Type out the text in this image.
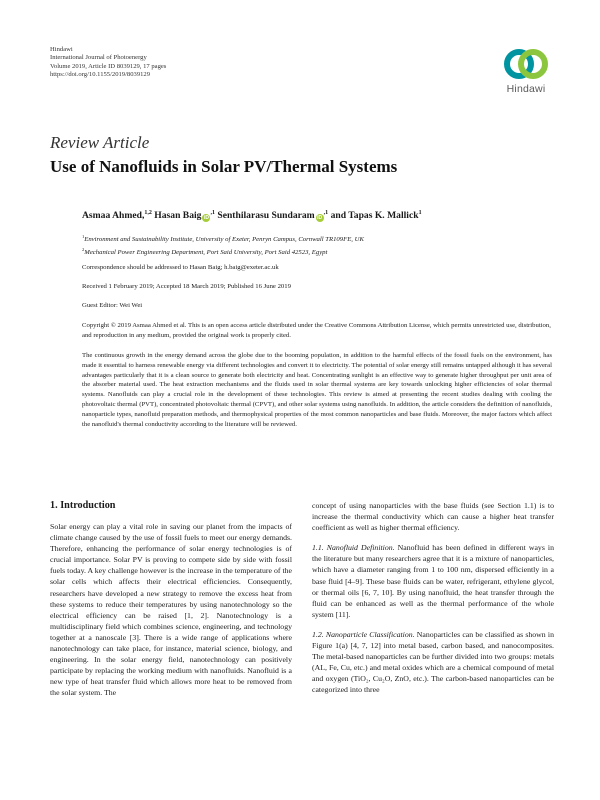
Hindawi
International Journal of Photoenergy
Volume 2019, Article ID 8039129, 17 pages
https://doi.org/10.1155/2019/8039129
Hindawi
Review Article
Use of Nanofluids in Solar PV/Thermal Systems
Asmaa Ahmed,$^{1,2}$ Hasan Baig $iD^{,1}$ Senthilarasu Sundaram $iD^{,1}$ and Tapas K. Mallick$^1$
$^1$Environment and Sustainability Institute, University of Exeter, Penryn Campus, Cornwall TR109FE, UK
$^2$Mechanical Power Engineering Department, Port Said University, Port Said 42523, Egypt
Correspondence should be addressed to Hasan Baig; h.baig@exeter.ac.uk
Received 1 February 2019; Accepted 18 March 2019; Published 16 June 2019
Guest Editor: Wei Wei

Copyright © 2019 Asmaa Ahmed et al. This is an open access article distributed under the Creative Commons Attribution License, which permits unrestricted use, distribution, and reproduction in any medium, provided the original work is properly cited.

The continuous growth in the energy demand across the globe due to the booming population, in addition to the harmful effects of the fossil fuels on the environment, has made it essential to harness renewable energy via different technologies and convert it to electricity. The potential of solar energy still remains untapped although it has several advantages particularly that it is a clean source to generate both electricity and heat. Concentrating sunlight is an effective way to generate higher throughput per unit area of the absorber material used. The heat extraction mechanisms and the fluids used in solar thermal systems are key towards unlocking higher efficiencies of solar thermal systems. Nanofluids can play a crucial role in the development of these technologies. This review is aimed at presenting the recent studies dealing with cooling the photovoltaic thermal (PVT), concentrated photovoltaic thermal (CPVT), and other solar systems using nanofluids. In addition, the article considers the definition of nanofluids, nanoparticle types, nanofluid preparation methods, and thermophysical properties of the most common nanoparticles and base fluids. Moreover, the major factors which affect the nanofluid's thermal conductivity according to the literature will be reviewed.

1. Introduction

Solar energy can play a vital role in saving our planet from the impacts of climate change caused by the use of fossil fuels to meet our energy demands. Therefore, enhancing the performance of solar energy technologies is of crucial importance. Solar PV is proving to compete side by side with fossil fuels today. A key challenge however is the increase in the temperature of the solar cells which affects their electrical efficiencies. Consequently, researchers have developed a new strategy to remove the excess heat from these systems to reduce their temperatures by using nanotechnology so the electrical efficiency can be raised [1, 2]. Nanotechnology is a multidisciplinary field which combines science, engineering, and technology together at a nanoscale [3]. There is a wide range of applications where nanotechnology can take place, for instance, material science, biology, and engineering. In the solar energy field, nanotechnology can positively participate by replacing the working medium with nanofluids. Nanofluid is a new type of heat transfer fluid which allows more heat to be removed from the solar system. The

concept of using nanoparticles with the base fluids (see Section 1.1) is to increase the thermal conductivity which can cause a higher heat transfer coefficient as well as higher thermal efficiency.

1.1. Nanofluid Definition. Nanofluid has been defined in different ways in the literature but many researchers agree that it is a mixture of nanoparticles, which have a diameter ranging from 1 to 100 nm, dispersed efficiently in a base fluid [4–9]. These base fluids can be water, refrigerant, ethylene glycol, or thermal oils [6, 7, 10]. By using nanofluid, the heat transfer through the fluid can be enhanced as well as the thermal performance of the whole system [11].

1.2. Nanoparticle Classification. Nanoparticles can be classified as shown in Figure 1(a) [4, 7, 12] into metal based, carbon based, and nanocomposites. The metal-based nanoparticles can be further divided into two groups: metals (AL, Fe, Cu, etc.) and metal oxides which are a chemical compound of metal and oxygen (TiO₂, Cu₂O, ZnO, etc.). The carbon-based nanoparticles can be categorized into three
